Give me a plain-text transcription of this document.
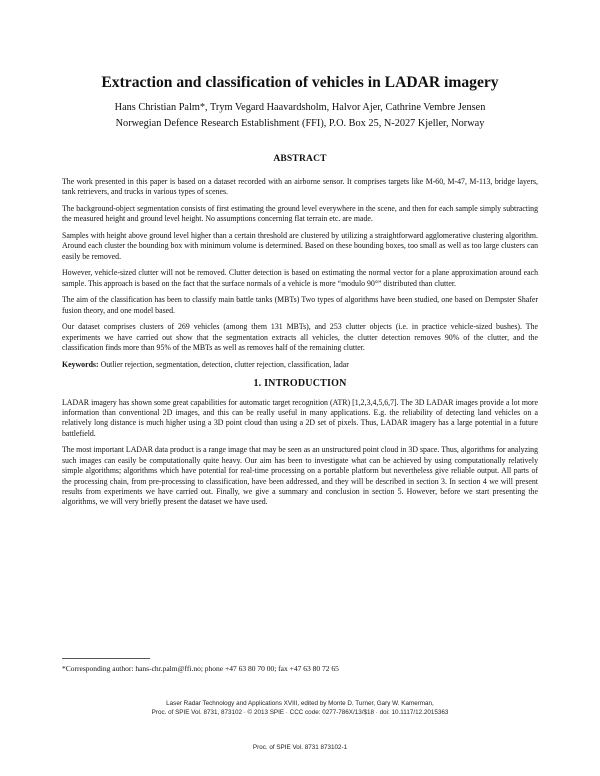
Extraction and classification of vehicles in LADAR imagery
Hans Christian Palm*, Trym Vegard Haavardsholm, Halvor Ajer, Cathrine Vembre Jensen
Norwegian Defence Research Establishment (FFI), P.O. Box 25, N-2027 Kjeller, Norway
ABSTRACT

The work presented in this paper is based on a dataset recorded with an airborne sensor. It comprises targets like M-60, M-47, M-113, bridge layers, tank retrievers, and trucks in various types of scenes.

The background-object segmentation consists of first estimating the ground level everywhere in the scene, and then for each sample simply subtracting the measured height and ground level height. No assumptions concerning flat terrain etc. are made.

Samples with height above ground level higher than a certain threshold are clustered by utilizing a straightforward agglomerative clustering algorithm. Around each cluster the bounding box with minimum volume is determined. Based on these bounding boxes, too small as well as too large clusters can easily be removed.

However, vehicle-sized clutter will not be removed. Clutter detection is based on estimating the normal vector for a plane approximation around each sample. This approach is based on the fact that the surface normals of a vehicle is more “modulo 90°” distributed than clutter.

The aim of the classification has been to classify main battle tanks (MBTs) Two types of algorithms have been studied, one based on Dempster Shafer fusion theory, and one model based.

Our dataset comprises clusters of 269 vehicles (among them 131 MBTs), and 253 clutter objects (i.e. in practice vehicle-sized bushes). The experiments we have carried out show that the segmentation extracts all vehicles, the clutter detection removes 90% of the clutter, and the classification finds more than 95% of the MBTs as well as removes half of the remaining clutter.

Keywords: Outlier rejection, segmentation, detection, clutter rejection, classification, ladar

1. INTRODUCTION

LADAR imagery has shown some great capabilities for automatic target recognition (ATR) [1,2,3,4,5,6,7]. The 3D LADAR images provide a lot more information than conventional 2D images, and this can be really useful in many applications. E.g. the reliability of detecting land vehicles on a relatively long distance is much higher using a 3D point cloud than using a 2D set of pixels. Thus, LADAR imagery has a large potential in a future battlefield.

The most important LADAR data product is a range image that may be seen as an unstructured point cloud in 3D space. Thus, algorithms for analyzing such images can easily be computationally quite heavy. Our aim has been to investigate what can be achieved by using computationally relatively simple algorithms; algorithms which have potential for real-time processing on a portable platform but nevertheless give reliable output. All parts of the processing chain, from pre-processing to classification, have been addressed, and they will be described in section 3. In section 4 we will present results from experiments we have carried out. Finally, we give a summary and conclusion in section 5. However, before we start presenting the algorithms, we will very briefly present the dataset we have used.

*Corresponding author: hans-chr.palm@ffi.no; phone +47 63 80 70 00; fax +47 63 80 72 65
Laser Radar Technology and Applications XVIII, edited by Monte D. Turner, Gary W. Kamerman,
Proc. of SPIE Vol. 8731, 873102 · © 2013 SPIE · CCC code: 0277-786X/13/$18 · doi: 10.1117/12.2015363
Proc. of SPIE Vol. 8731 873102-1
